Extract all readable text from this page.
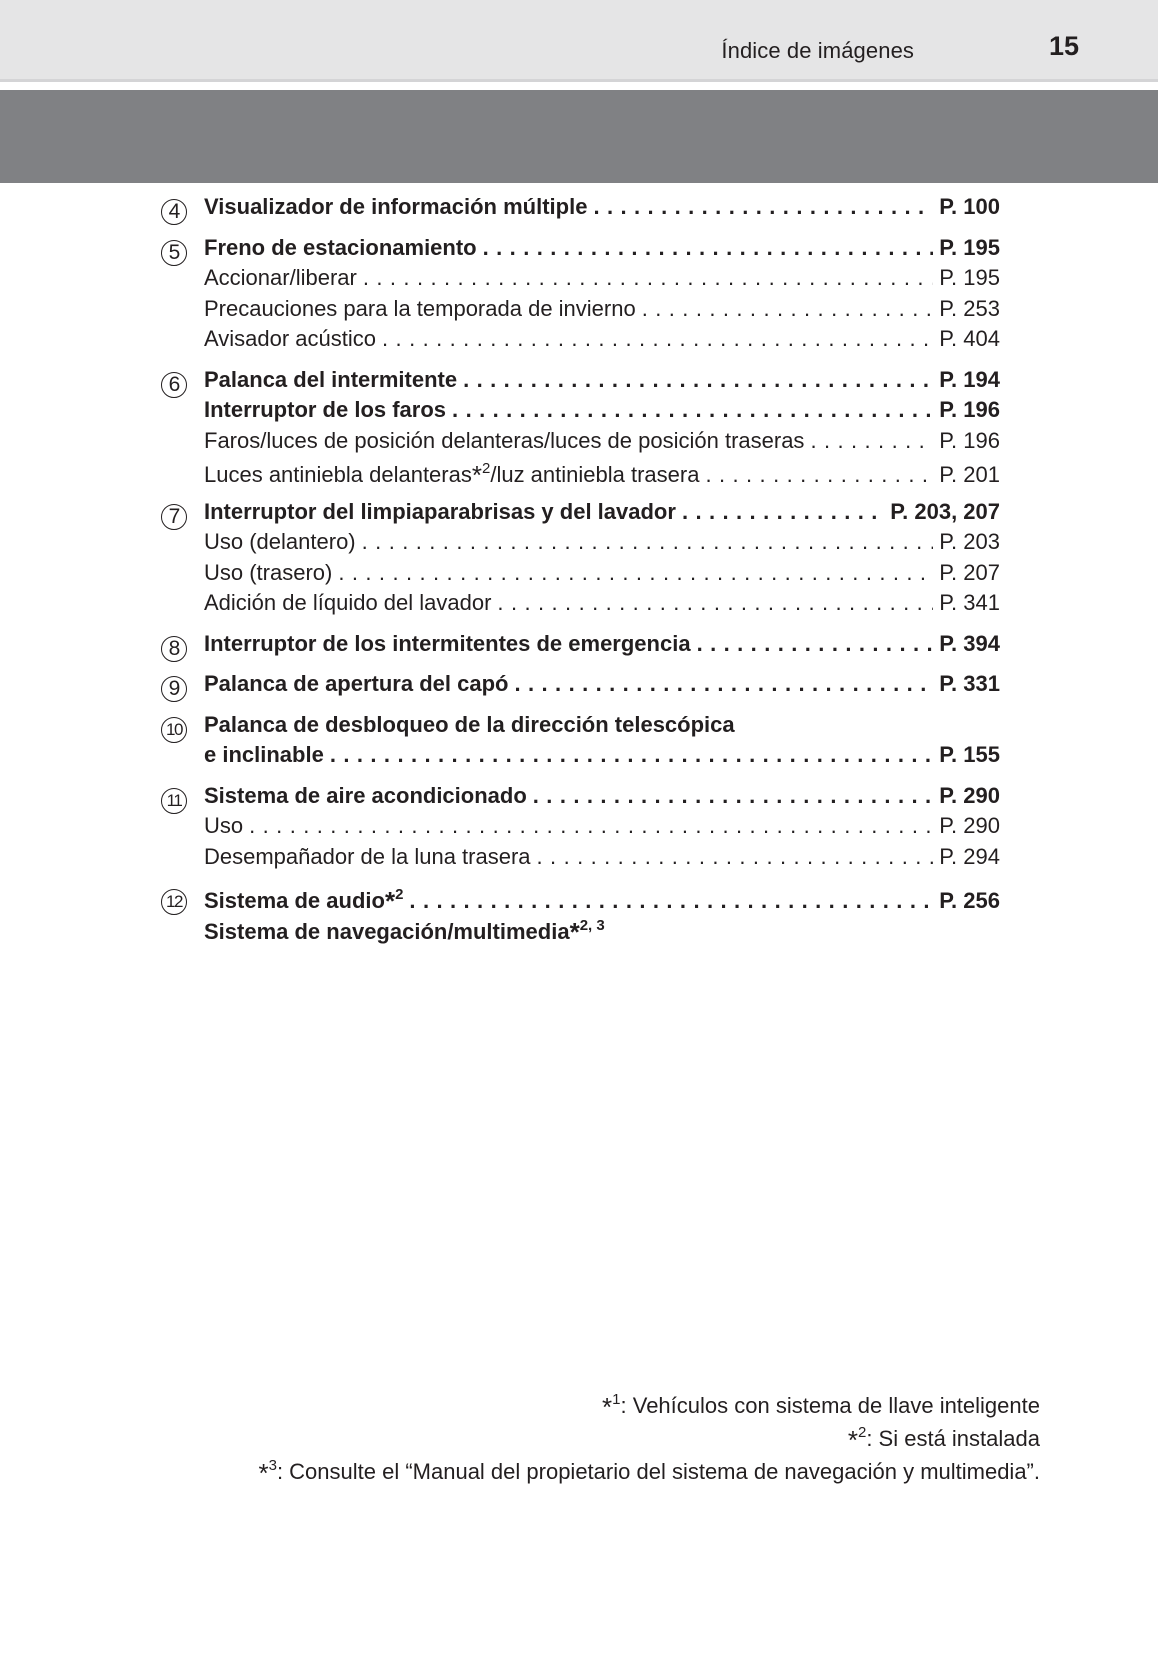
Índice de imágenes	15
4	Visualizador de información múltiple . . .	P. 100
5	Freno de estacionamiento . . .	P. 195
Accionar/liberar . . .	P. 195
Precauciones para la temporada de invierno . . .	P. 253
Avisador acústico . . .	P. 404
6	Palanca del intermitente . . .	P. 194
Interruptor de los faros . . .	P. 196
Faros/luces de posición delanteras/luces de posición traseras . . .	P. 196
Luces antiniebla delanteras*$^2$/luz antiniebla trasera . . .	P. 201
7	Interruptor del limpiaparabrisas y del lavador . . .	P. 203, 207
Uso (delantero) . . .	P. 203
Uso (trasero) . . .	P. 207
Adición de líquido del lavador . . .	P. 341
8	Interruptor de los intermitentes de emergencia . . .	P. 394
9	Palanca de apertura del capó . . .	P. 331
10 Palanca de desbloqueo de la dirección telescópica
e inclinable . . .	P. 155
11 Sistema de aire acondicionado . . .	P. 290
Uso . . .	P. 290
Desempañador de la luna trasera . . .	P. 294
12 Sistema de audio*$^2$ . . .	P. 256
Sistema de navegación/multimedia*$^{2, 3}$
*$^1$: Vehículos con sistema de llave inteligente
*$^2$: Si está instalada
*$^3$: Consulte el “Manual del propietario del sistema de navegación y multimedia”.
